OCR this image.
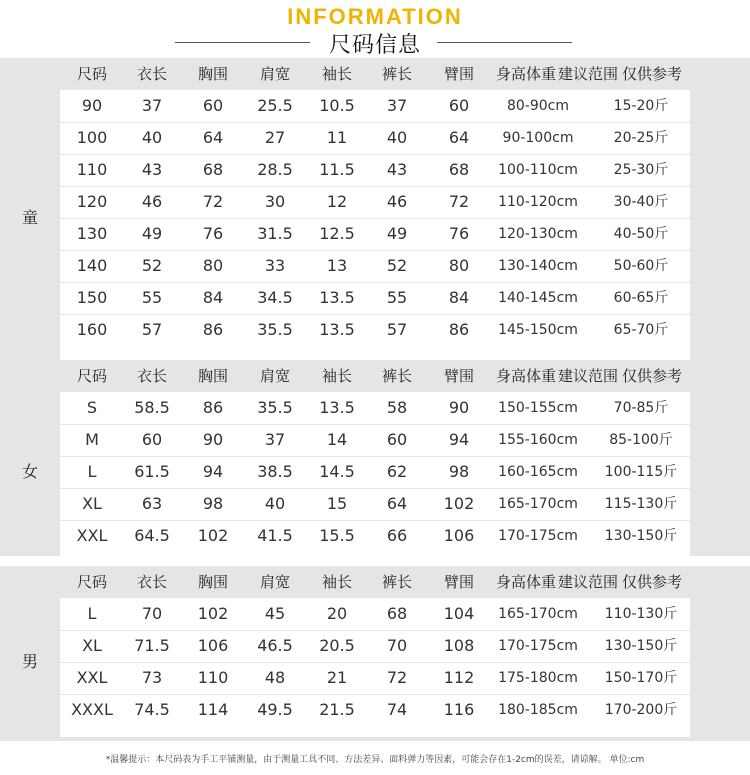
INFORMATION
尺码信息
尺码	衣长	胸围	肩宽	袖长	裤长	臂围	身高体重 建议范围 仅供参考
90	37	60	25.5	10.5	37	60	80-90cm	15-20斤
100	40	64	27	11	40	64	90-100cm	20-25斤
110	43	68	28.5	11.5	43	68	100-110cm	25-30斤
120	46	72	30	12	46	72	110-120cm	30-40斤
130	49	76	31.5	12.5	49	76	120-130cm	40-50斤
140	52	80	33	13	52	80	130-140cm	50-60斤
150	55	84	34.5	13.5	55	84	140-145cm	60-65斤
160	57	86	35.5	13.5	57	86	145-150cm	65-70斤
童
尺码	衣长	胸围	肩宽	袖长	裤长	臂围	身高体重 建议范围 仅供参考
S	58.5	86	35.5	13.5	58	90	150-155cm	70-85斤
M	60	90	37	14	60	94	155-160cm	85-100斤
L	61.5	94	38.5	14.5	62	98	160-165cm	100-115斤
XL	63	98	40	15	64	102	165-170cm	115-130斤
XXL	64.5	102	41.5	15.5	66	106	170-175cm	130-150斤
女
尺码	衣长	胸围	肩宽	袖长	裤长	臂围	身高体重 建议范围 仅供参考
L	70	102	45	20	68	104	165-170cm	110-130斤
XL	71.5	106	46.5	20.5	70	108	170-175cm	130-150斤
XXL	73	110	48	21	72	112	175-180cm	150-170斤
XXXL	74.5	114	49.5	21.5	74	116	180-185cm	170-200斤
男
*温馨提示：本尺码表为手工平铺测量，由于测量工具不同、方法差异、面料弹力等因素，可能会存在1-2cm的误差，请谅解。 单位:cm
